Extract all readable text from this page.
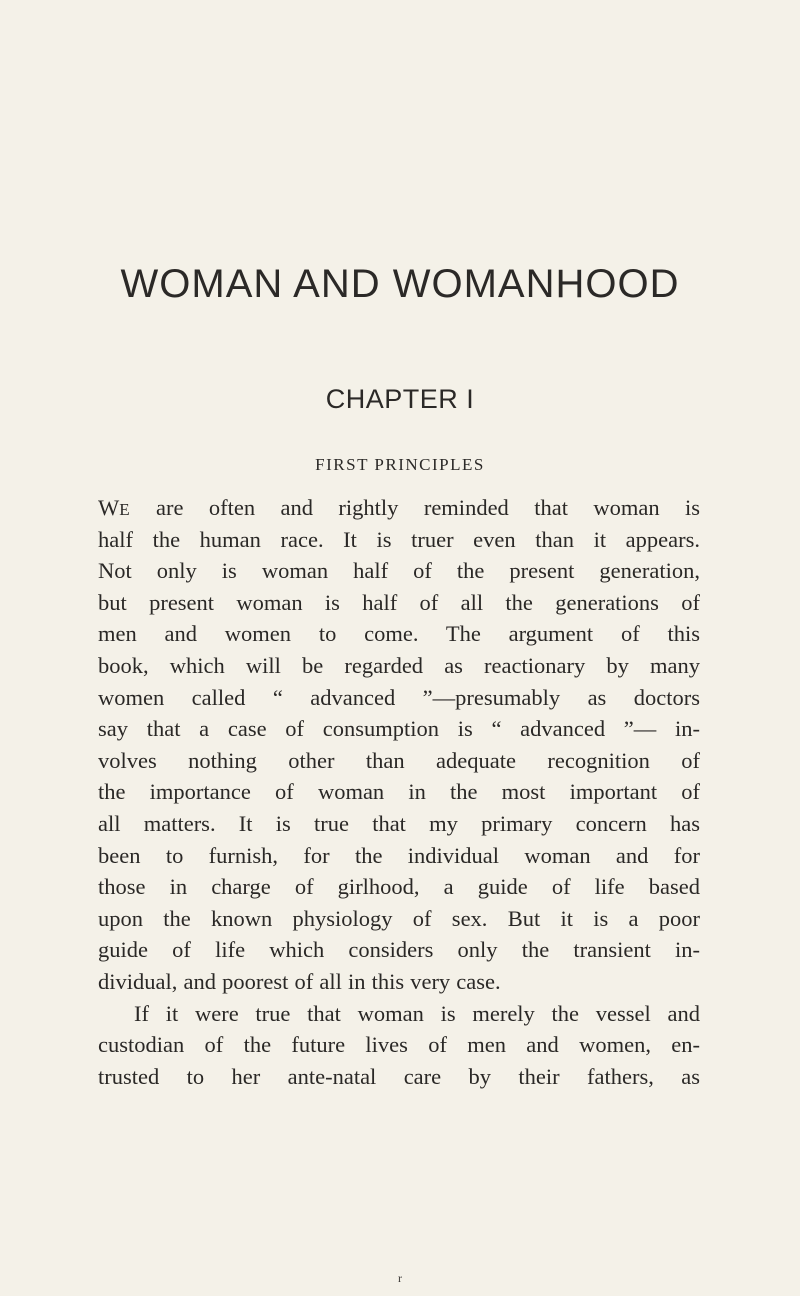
WOMAN AND WOMANHOOD
CHAPTER I
FIRST PRINCIPLES
WE are often and rightly reminded that woman is
half the human race. It is truer even than it appears.
Not only is woman half of the present generation,
but present woman is half of all the generations of
men and women to come. The argument of this
book, which will be regarded as reactionary by many
women called “ advanced ”—presumably as doctors
say that a case of consumption is “ advanced ”— in-
volves nothing other than adequate recognition of
the importance of woman in the most important of
all matters. It is true that my primary concern has
been to furnish, for the individual woman and for
those in charge of girlhood, a guide of life based
upon the known physiology of sex. But it is a poor
guide of life which considers only the transient in-
dividual, and poorest of all in this very case.
If it were true that woman is merely the vessel and
custodian of the future lives of men and women, en-
trusted to her ante-natal care by their fathers, as
r
